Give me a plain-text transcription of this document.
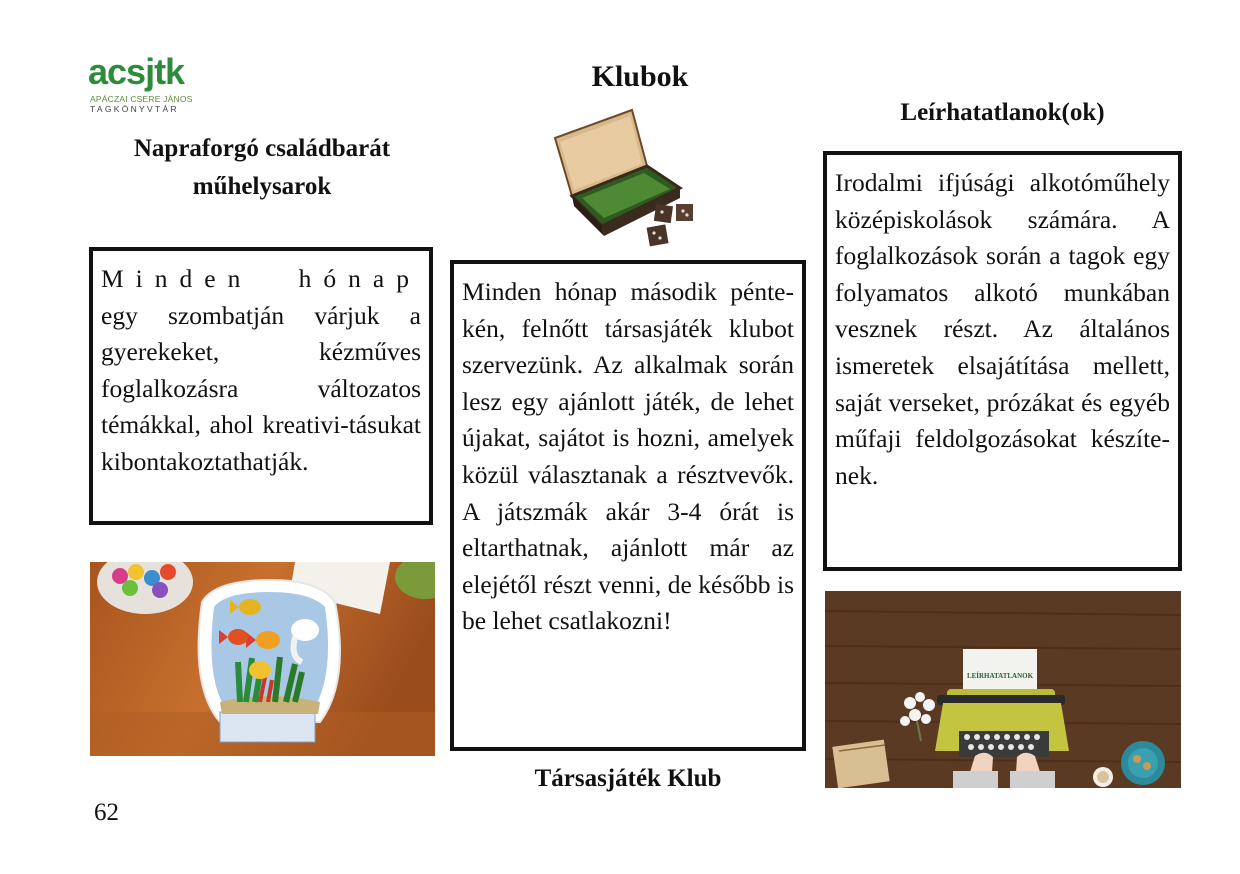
acsjtk
APÁCZAI CSERE JÁNOS
TAGKÖNYVTÁR
Napraforgó családbarát
műhelysarok
Klubok
Leírhatatlanok(ok)
Minden hónap
egy szombatján várjuk a gyerekeket, kézműves foglalkozásra változatos témákkal, ahol kreativi-tásukat kibontakoztathatják.
Minden hónap második péntekén, felnőtt társasjáték klubot szervezünk. Az alkalmak során lesz egy ajánlott játék, de lehet újakat, sajátot is hozni, amelyek közül választanak a résztvevők. A játszmák akár 3-4 órát is eltarthatnak, ajánlott már az elejétől részt venni, de később is be lehet csatlakozni!
Irodalmi ifjúsági alkotóműhely középiskolások számára. A foglalkozások során a tagok egy folyamatos alkotó munkában vesznek részt. Az általános ismeretek elsajátítása mellett, saját verseket, prózákat és egyéb műfaji feldolgozásokat készítenek.
Társasjáték Klub
LEÍRHATATLANOK
62
